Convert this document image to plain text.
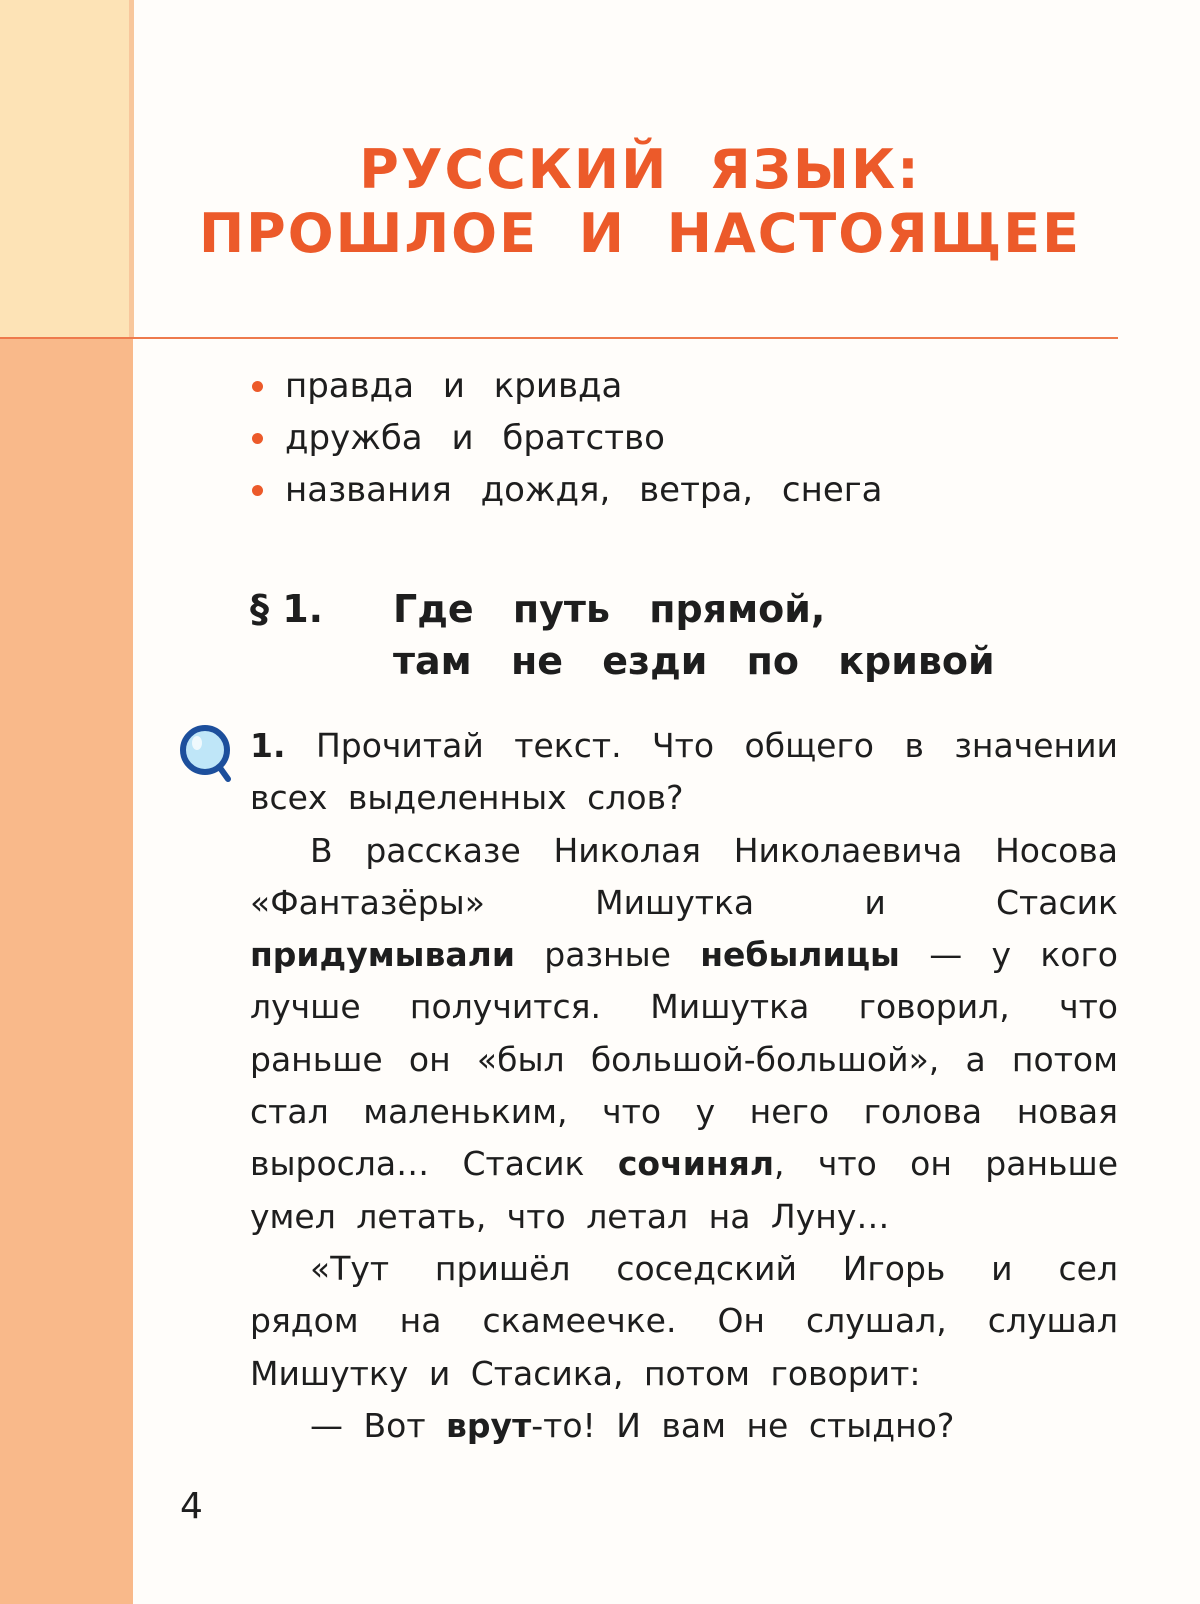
РУССКИЙ ЯЗЫК:
ПРОШЛОЕ И НАСТОЯЩЕЕ
правда и кривда
дружба и братство
названия дождя, ветра, снега
§ 1. Где путь прямой,
там не езди по кривой

1. Прочитай текст. Что общего в значении всех выделенных слов?

В рассказе Николая Николаевича Носова «Фантазёры» Мишутка и Стасик придумывали разные небылицы — у кого лучше получится. Мишутка говорил, что раньше он «был большой-большой», а потом стал маленьким, что у него голова новая выросла… Стасик сочинял, что он раньше умел летать, что летал на Луну…

«Тут пришёл соседский Игорь и сел рядом на скамеечке. Он слушал, слушал Мишутку и Стасика, потом говорит:

— Вот врут-то! И вам не стыдно?

4
